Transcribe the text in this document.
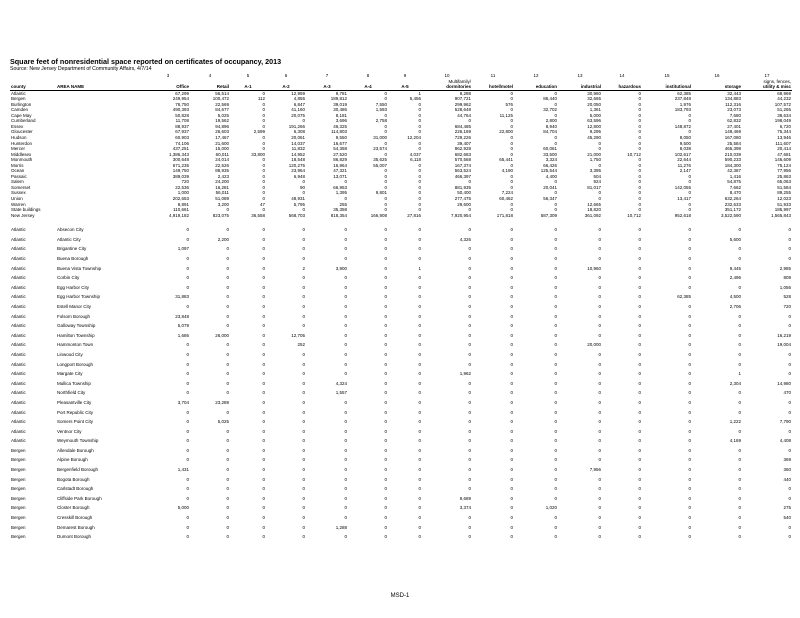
Square feet of nonresidential space reported on certificates of occupancy, 2013
Source: New Jersey Department of Community Affairs, 4/7/14
		3	4	5	6	7	8	9	10	11	12	13	14	15	16	17
									Multifamily/							signs, fences,
county	AREA NAME	Office	Retail	A-1	A-2	A-3	A-4	A-5	dormitories	hotel/motel	education	industrial	hazardous	institutional	storage	utility & misc
Atlantic		67,299	56,514	0	12,959	9,781	0	1	8,288	0	0	30,960	0	62,385	32,443	68,969
Bergen		249,954	100,472	112	4,855	189,812	0	5,456	907,721	0	86,440	32,665	0	237,848	134,883	44,232
Burlington		76,750	22,569	0	6,847	39,019	7,550	0	299,962	576	0	20,050	0	1,976	112,316	107,572
Camden		490,393	84,677	0	41,160	30,486	1,593	0	528,648	0	32,702	1,361	0	183,793	23,073	51,265
Cape May		50,828	5,025	0	20,075	8,181	0	0	44,764	11,125	0	5,000	0	0	7,680	38,634
Cumberland		11,708	19,562	0	0	3,696	2,758	0	0	0	2,800	63,596	0	0	62,832	198,049
Essex		88,937	94,896	0	191,266	46,325	0	0	684,485	0	8,940	12,800	0	148,872	27,401	6,720
Gloucester		67,937	26,603	2,599	6,308	114,803	0	0	226,169	22,800	84,704	9,295	0	0	148,469	75,344
Hudson		60,903	17,467	0	20,061	9,550	31,000	12,204	729,226	0	0	45,290	0	8,050	167,080	13,946
Hunterdon		74,106	21,600	0	14,037	16,677	0	0	39,407	0	0	0	0	9,500	25,584	111,607
Mercer		437,251	15,000	0	11,832	54,358	23,574	0	862,928	0	60,061	0	0	8,038	465,398	20,414
Middlesex		1,386,343	60,011	33,800	14,952	27,520	0	4,037	682,683	0	33,500	21,000	10,712	102,617	210,039	47,681
Monmouth		300,648	24,014	0	18,548	86,829	35,625	6,118	570,568	65,441	3,324	1,750	0	22,644	590,233	146,609
Morris		671,235	22,526	0	120,275	16,964	55,007	0	167,374	0	66,426	0	0	11,276	184,300	75,124
Ocean		149,750	88,935	0	23,964	47,321	0	0	563,524	4,190	125,544	3,395	0	2,147	42,387	77,956
Passaic		389,039	2,423	0	6,948	13,071	0	0	466,397	0	4,400	504	0	0	1,416	25,863
Salem		720	24,200	0	0	0	0	0	0	0	0	924	0	0	54,875	65,063
Somerset		22,536	16,281	0	90	66,953	0	0	881,935	0	20,041	81,017	0	142,055	7,662	51,584
Sussex		1,000	56,011	0	0	1,395	9,801	0	50,400	7,224	0	0	0	0	8,470	89,255
Union		202,653	51,089	0	48,931	0	0	0	277,475	60,462	56,347	0	0	13,417	632,264	12,023
Warren		8,891	3,200	47	5,795	255	0	0	29,600	0	0	12,665	0	0	232,633	51,933
State buildings		110,661	0	0	0	35,358	0	0	0	0	0	18,820	0	0	351,172	185,997
New Jersey		4,919,182	823,075	36,558	568,703	818,354	166,908	27,816	7,920,954	171,818	587,309	361,092	10,712	952,618	3,522,590	1,565,843

Atlantic	Absecon City	0	0	0	0	0	0	0	0	0	0	0	0	0	0	0
Atlantic	Atlantic City	0	2,200	0	0	0	0	0	4,326	0	0	0	0	0	5,600	0
Atlantic	Brigantine City	1,097	0	0	0	0	0	0	0	0	0	0	0	0	0	0
Atlantic	Buena Borough	0	0	0	0	0	0	0	0	0	0	0	0	0	0	0
Atlantic	Buena Vista Township	0	0	0	2	3,900	0	1	0	0	0	10,960	0	0	9,445	2,985
Atlantic	Corbin City	0	0	0	0	0	0	0	0	0	0	0	0	0	2,496	809
Atlantic	Egg Harbor City	0	0	0	0	0	0	0	0	0	0	0	0	0	0	1,056
Atlantic	Egg Harbor Township	31,883	0	0	0	0	0	0	0	0	0	0	0	62,385	4,500	528
Atlantic	Estell Manor City	0	0	0	0	0	0	0	0	0	0	0	0	0	2,706	720
Atlantic	Folsom Borough	23,848	0	0	0	0	0	0	0	0	0	0	0	0	0	0
Atlantic	Galloway Township	5,079	0	0	0	0	0	0	0	0	0	0	0	0	0	0
Atlantic	Hamilton Township	1,686	26,000	0	12,705	0	0	0	0	0	0	0	0	0	0	16,219
Atlantic	Hammonton Town	0	0	0	252	0	0	0	0	0	0	20,000	0	0	0	19,004
Atlantic	Linwood City	0	0	0	0	0	0	0	0	0	0	0	0	0	0	0
Atlantic	Longport Borough	0	0	0	0	0	0	0	0	0	0	0	0	0	0	0
Atlantic	Margate City	0	0	0	0	0	0	0	1,962	0	0	0	0	0	1	0
Atlantic	Mullica Township	0	0	0	0	4,324	0	0	0	0	0	0	0	0	2,304	14,980
Atlantic	Northfield City	0	0	0	0	1,557	0	0	0	0	0	0	0	0	0	470
Atlantic	Pleasantville City	3,704	23,289	0	0	0	0	0	0	0	0	0	0	0	0	0
Atlantic	Port Republic City	0	0	0	0	0	0	0	0	0	0	0	0	0	0	0
Atlantic	Somers Point City	0	5,025	0	0	0	0	0	0	0	0	0	0	0	1,222	7,790
Atlantic	Ventnor City	0	0	0	0	0	0	0	0	0	0	0	0	0	0	0
Atlantic	Weymouth Township	0	0	0	0	0	0	0	0	0	0	0	0	0	4,169	4,408
Bergen	Allendale Borough	0	0	0	0	0	0	0	0	0	0	0	0	0	0	0
Bergen	Alpine Borough	0	0	0	0	0	0	0	0	0	0	0	0	0	0	369
Bergen	Bergenfield Borough	1,431	0	0	0	0	0	0	0	0	0	7,956	0	0	0	360
Bergen	Bogota Borough	0	0	0	0	0	0	0	0	0	0	0	0	0	0	440
Bergen	Carlstadt Borough	0	0	0	0	0	0	0	0	0	0	0	0	0	0	0
Bergen	Cliffside Park Borough	0	0	0	0	0	0	0	9,689	0	0	0	0	0	0	0
Bergen	Closter Borough	5,000	0	0	0	0	0	0	3,374	0	1,020	0	0	0	0	275
Bergen	Cresskill Borough	0	0	0	0	0	0	0	0	0	0	0	0	0	0	540
Bergen	Demarest Borough	0	0	0	0	1,288	0	0	0	0	0	0	0	0	0	0
Bergen	Dumont Borough	0	0	0	0	0	0	0	0	0	0	0	0	0	0	0
MSD-1
